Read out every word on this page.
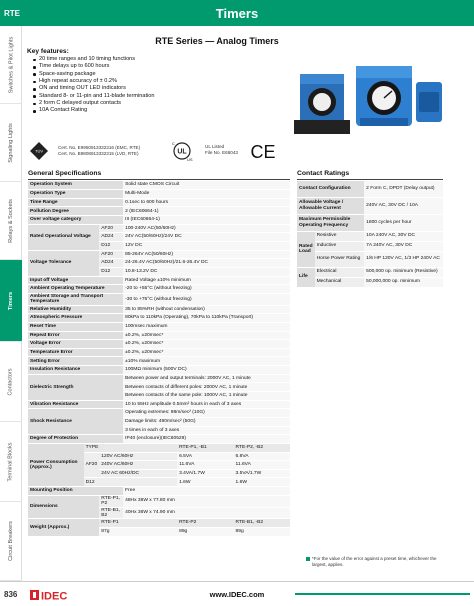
RTE	Timers
Switches & Pilot Lights
Signaling Lights
Relays & Sockets
Timers
Contactors
Terminal Blocks
Circuit Breakers
RTE Series — Analog Timers
Key features:
20 time ranges and 10 timing functions
Time delays up to 600 hours
Space-saving package
High repeat accuracy of ± 0.2%
ON and timing OUT LED indicators
Standard 8- or 11-pin and 11-blade termination
2 form C delayed output contacts
10A Contact Rating
TÜV
Cert. No. E9950913332316 (EMC, RTE)
Cert. No. B9808913332315 (LVD, RTE)	UL
C
US
UL Listed
File No. E66043 CE
General Specifications
Operation System			Solid state CMOS Circuit		
Operation Type			Multi-Mode		
Time Range			0.1sec to 600 hours		
Pollution Degree			2 (IEC60664-1)		
Over voltage category			III (IEC60664-1)		
Rated Operational Voltage		AF20	100-240V AC(50/60Hz)		
		AD24	24V AC(50/60Hz)/24V DC		
		D12	12V DC		
Voltage Tolerance		AF20	85-264V AC(50/60Hz)		
		AD24	24-26.4V AC(50/60Hz)/21.6-26.4V DC		
		D12	10.8-13.2V DC		
Input off Voltage			Rated Voltage ±10% minimum		
Ambient Operating Temperature			-20 to +55°C (without freezing)		
Ambient Storage and Transport Temperature			-30 to +75°C (without freezing)		
Relative Humidity			35 to 85%RH (without condensation)		
Atmospheric Pressure			80kPa to 110kPa (Operating), 70kPa to 110kPa (Transport)		
Reset Time			100msec maximum		
Repeat Error			±0.2%, ±20msec*		
Voltage Error			±0.2%, ±20msec*		
Temperature Error			±0.2%, ±20msec*		
Setting Error			±10% maximum		
Insulation Resistance			100MΩ minimum (500V DC)		
Dielectric Strength			Between power and output terminals: 2000V AC, 1 minute		
			Between contacts of different poles: 2000V AC, 1 minute		
			Between contacts of the same pole: 1000V AC, 1 minute		
Vibration Resistance			10 to 55Hz amplitude 0.5mm² hours in each of 3 axes		
Shock Resistance			Operating extremes: 98m/sec² (10G)		
			Damage limits: 490m/sec² (50G)		
			3 times in each of 3 axes		
Degree of Protection			IP40 (enclosure)(IEC60529)		
Power Consumption (Approx.)	TYPE			RTE-P1, -B1	RTE-P2, -B2
	AF20	120V AC/60Hz		6.5VA	6.8VA
		240V AC/60Hz		11.6VA	11.6VA
		24V AC 60Hz/DC		3.4VA/1.7W	3.5VA/1.7W
	D12			1.6W	1.6W
Mounting Position			Free		
Dimensions		RTE-P1, P2	48Hx 36W x 77.80 mm		
		RTE-B1, B2	40Hx 36W x 74.90 mm		
Weight (Approx.)		RTE-P1		RTE-P2	RTE-B1, -B2
		87g		89g	89g
Contact Ratings
Contact Configuration		2 Form C, DPDT (Delay output)
Allowable Voltage / Allowable Current		240V AC, 30V DC / 10A
Maximum Permissible Operating Frequency		1800 cycles per hour
Rated Load	Resistive	10A 240V AC, 30V DC
	Inductive	7A 240V AC, 30V DC
	Horse Power Rating	1/6 HP 120V AC, 1/3 HP 240V AC
Life	Electrical	500,000 op. minimum (Resistive)
	Mechanical	50,000,000 op. minimum
*For the value of the error against a preset time, whichever the largest, applies.
836 IDEC	www.IDEC.com
